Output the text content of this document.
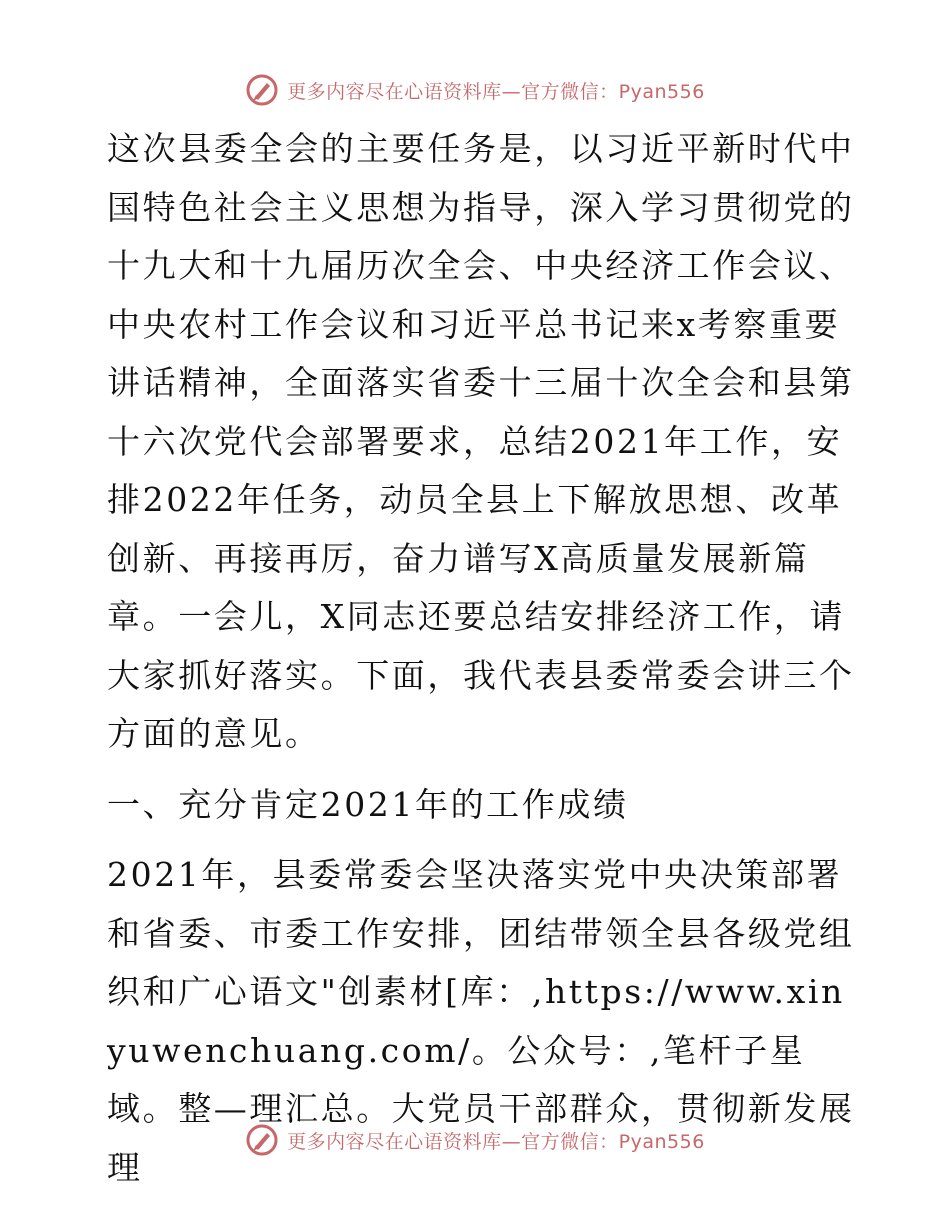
更多内容尽在心语资料库—官方微信：Pyan556

这次县委全会的主要任务是，以习近平新时代中国特色社会主义思想为指导，深入学习贯彻党的十九大和十九届历次全会、中央经济工作会议、中央农村工作会议和习近平总书记来x考察重要讲话精神，全面落实省委十三届十次全会和县第十六次党代会部署要求，总结2021年工作，安排2022年任务，动员全县上下解放思想、改革创新、再接再厉，奋力谱写X高质量发展新篇章。一会儿，X同志还要总结安排经济工作，请大家抓好落实。下面，我代表县委常委会讲三个方面的意见。

一、充分肯定2021年的工作成绩

2021年，县委常委会坚决落实党中央决策部署和省委、市委工作安排，团结带领全县各级党组织和广心语文"创素材[库：,https://www.xinyuwenchuang.com/。公众号：,笔杆子星域。整—理汇总。大党员干部群众，贯彻新发展理

更多内容尽在心语资料库—官方微信：Pyan556
